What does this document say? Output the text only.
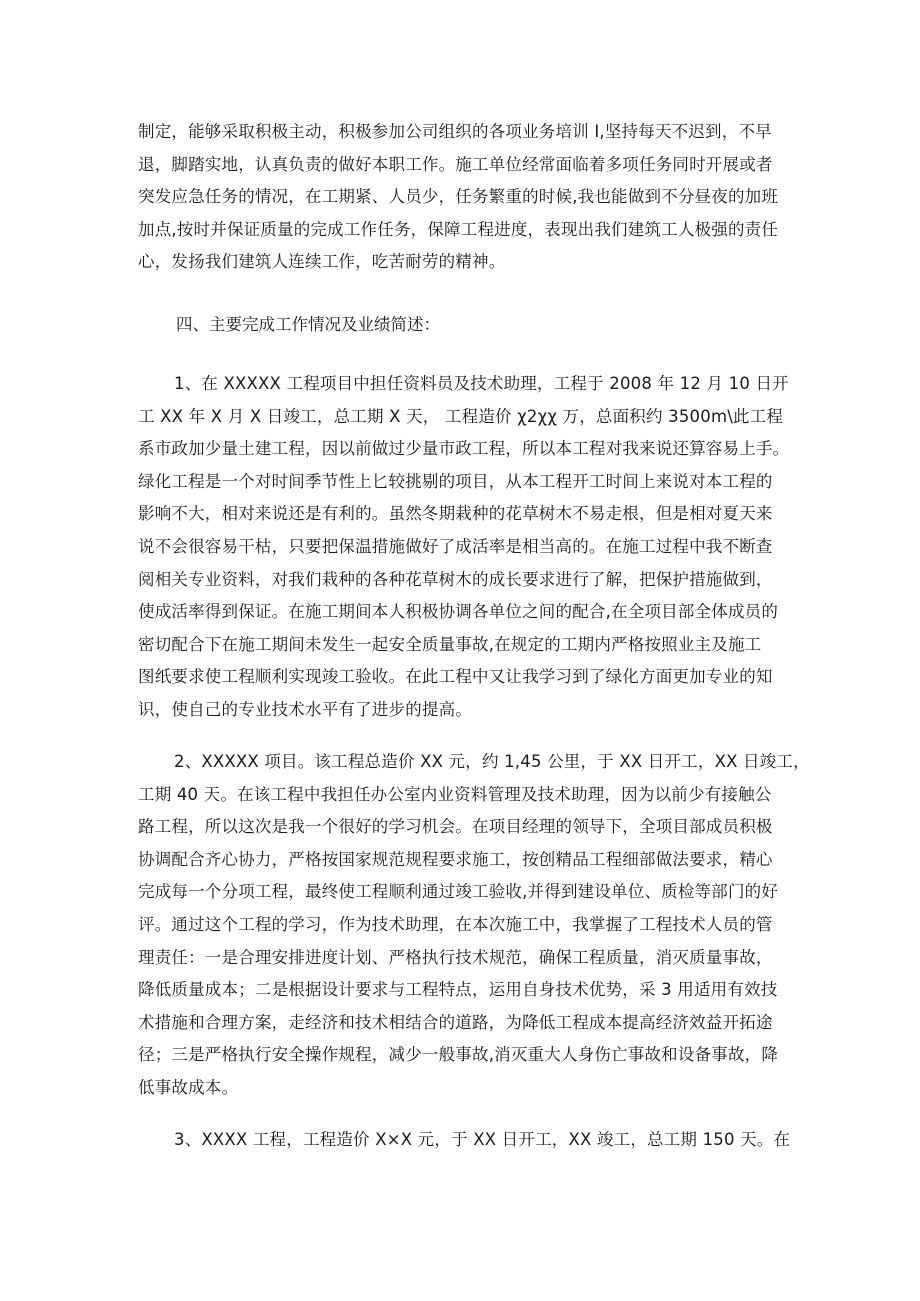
制定，能够采取积极主动，积极参加公司组织的各项业务培训 I,坚持每天不迟到，不早
退，脚踏实地，认真负责的做好本职工作。施工单位经常面临着多项任务同时开展或者
突发应急任务的情况，在工期紧、人员少，任务繁重的时候,我也能做到不分昼夜的加班
加点,按时并保证质量的完成工作任务，保障工程进度，表现出我们建筑工人极强的责任
心，发扬我们建筑人连续工作，吃苦耐劳的精神。
四、主要完成工作情况及业绩简述：
1、在 XXXXX 工程项目中担任资料员及技术助理，工程于 2008 年 12 月 10 日开
工 XX 年 X 月 X 日竣工，总工期 X 天， 工程造价 χ2χχ 万，总面积约 3500m\此工程
系市政加少量土建工程，因以前做过少量市政工程，所以本工程对我来说还算容易上手。
绿化工程是一个对时间季节性上匕较挑剔的项目，从本工程开工时间上来说对本工程的
影响不大，相对来说还是有利的。虽然冬期栽种的花草树木不易走根，但是相对夏天来
说不会很容易干枯，只要把保温措施做好了成活率是相当高的。在施工过程中我不断查
阅相关专业资料，对我们栽种的各种花草树木的成长要求进行了解，把保护措施做到，
使成活率得到保证。在施工期间本人积极协调各单位之间的配合,在全项目部全体成员的
密切配合下在施工期间未发生一起安全质量事故,在规定的工期内严格按照业主及施工
图纸要求使工程顺利实现竣工验收。在此工程中又让我学习到了绿化方面更加专业的知
识，使自己的专业技术水平有了进步的提高。
2、XXXXX 项目。该工程总造价 XX 元，约 1,45 公里，于 XX 日开工，XX 日竣工，
工期 40 天。在该工程中我担任办公室内业资料管理及技术助理，因为以前少有接触公
路工程，所以这次是我一个很好的学习机会。在项目经理的领导下，全项目部成员积极
协调配合齐心协力，严格按国家规范规程要求施工，按创精品工程细部做法要求，精心
完成每一个分项工程，最终使工程顺利通过竣工验收,并得到建设单位、质检等部门的好
评。通过这个工程的学习，作为技术助理，在本次施工中，我掌握了工程技术人员的管
理责任：一是合理安排进度计划、严格执行技术规范，确保工程质量，消灭质量事故，
降低质量成本；二是根据设计要求与工程特点，运用自身技术优势，采 3 用适用有效技
术措施和合理方案，走经济和技术相结合的道路，为降低工程成本提高经济效益开拓途
径；三是严格执行安全操作规程，减少一般事故,消灭重大人身伤亡事故和设备事故，降
低事故成本。
3、XXXX 工程，工程造价 X×X 元，于 XX 日开工，XX 竣工，总工期 150 天。在
